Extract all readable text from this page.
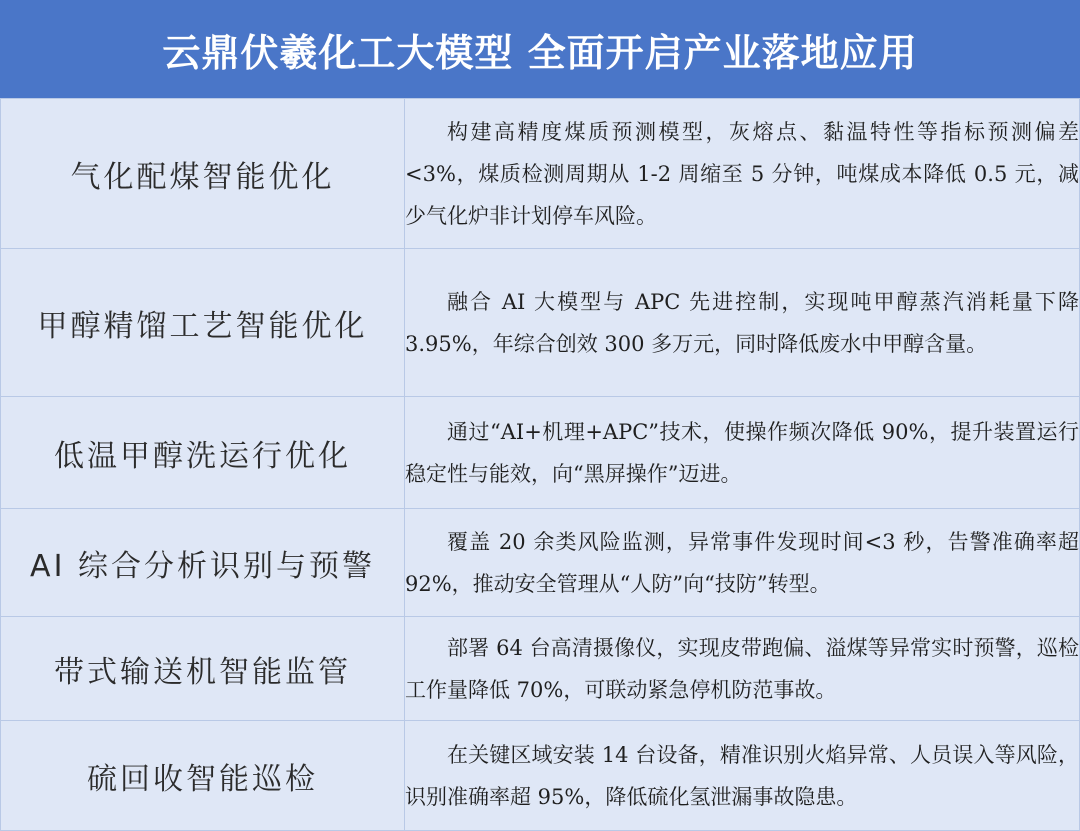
云鼎伏羲化工大模型 全面开启产业落地应用
气化配煤智能优化	构建高精度煤质预测模型，灰熔点、黏温特性等指标预测偏差<3%，煤质检测周期从 1-2 周缩至 5 分钟，吨煤成本降低 0.5 元，减少气化炉非计划停车风险。
甲醇精馏工艺智能优化	融合 AI 大模型与 APC 先进控制，实现吨甲醇蒸汽消耗量下降 3.95%，年综合创效 300 多万元，同时降低废水中甲醇含量。
低温甲醇洗运行优化	通过“AI+机理+APC”技术，使操作频次降低 90%，提升装置运行稳定性与能效，向“黑屏操作”迈进。
AI 综合分析识别与预警	覆盖 20 余类风险监测，异常事件发现时间<3 秒，告警准确率超 92%，推动安全管理从“人防”向“技防”转型。
带式输送机智能监管	部署 64 台高清摄像仪，实现皮带跑偏、溢煤等异常实时预警，巡检工作量降低 70%，可联动紧急停机防范事故。
硫回收智能巡检	在关键区域安装 14 台设备，精准识别火焰异常、人员误入等风险，识别准确率超 95%，降低硫化氢泄漏事故隐患。
